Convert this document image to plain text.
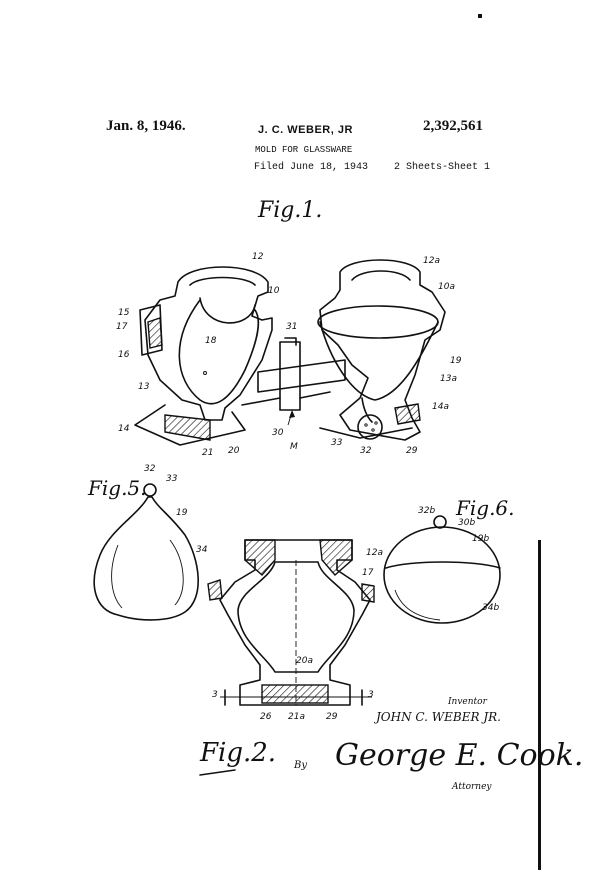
Jan. 8, 1946.	J. C. WEBER, JR	2,392,561
MOLD FOR GLASSWARE
Filed June 18, 1943	2 Sheets-Sheet 1
Fig.1.
Fig.5.
Fig.6.
Fig.2.
12	12a
10	10a
15
17
16
18
13
14
31
19
13a
14a
20
21
30
M	33
32	29
32
33
19
34
32b
30b
19b
34b
12a
17
20a
3	3
26 21a 29
Inventor
JOHN C. WEBER JR.
By George E. Cook.
Attorney
